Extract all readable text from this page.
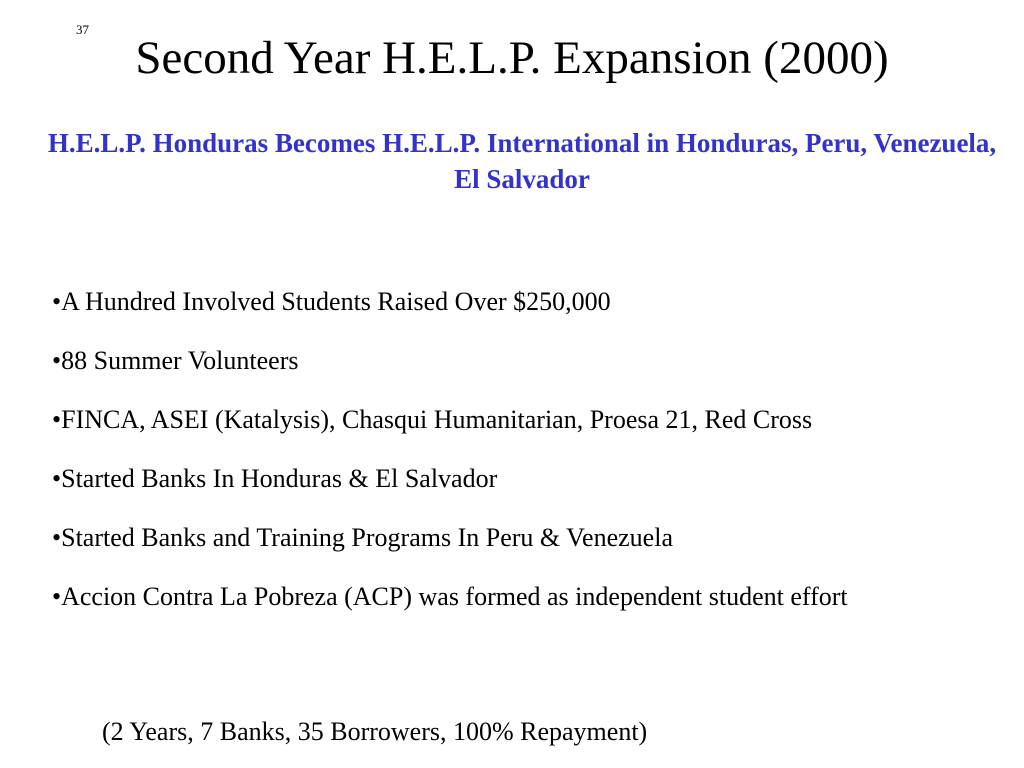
37
Second Year H.E.L.P. Expansion (2000)

H.E.L.P. Honduras Becomes H.E.L.P. International in Honduras, Peru, Venezuela, El Salvador

•A Hundred Involved Students Raised Over $250,000
•88 Summer Volunteers
•FINCA, ASEI (Katalysis), Chasqui Humanitarian, Proesa 21, Red Cross
•Started Banks In Honduras & El Salvador
•Started Banks and Training Programs In Peru & Venezuela
•Accion Contra La Pobreza (ACP) was formed as independent student effort

(2 Years, 7 Banks, 35 Borrowers, 100% Repayment)
